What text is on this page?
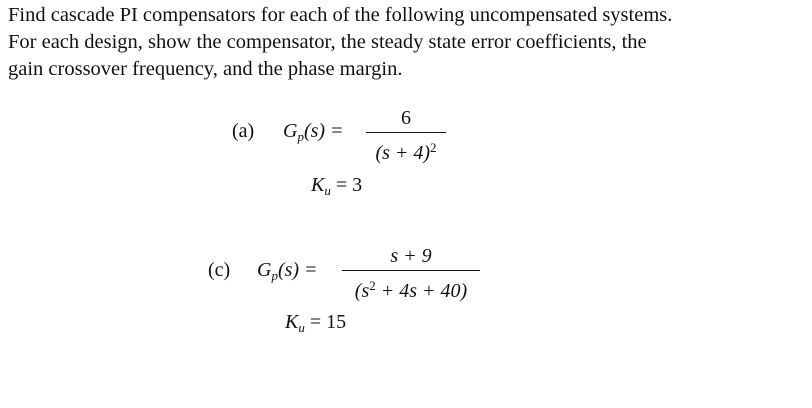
Find cascade PI compensators for each of the following uncompensated systems.
For each design, show the compensator, the steady state error coefficients, the
gain crossover frequency, and the phase margin.
(a) $G_p(s)$ =
6
$(s + 4)^2$
$K_u = 3$
(c) $G_p(s)$ =
s + 9
$(s^2 + 4s + 40)$
$K_u = 15$
